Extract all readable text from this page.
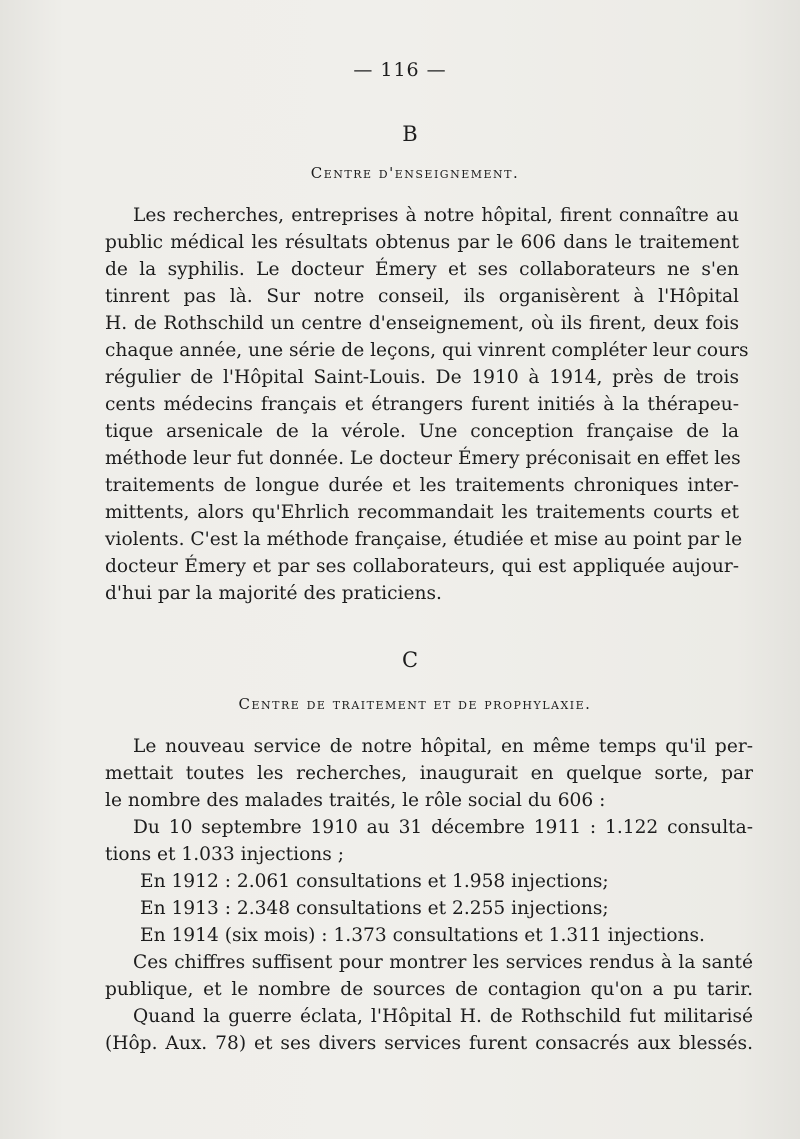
— 116 —
B
Centre d'enseignement.
Les recherches, entreprises à notre hôpital, firent connaître au
public médical les résultats obtenus par le 606 dans le traitement
de la syphilis. Le docteur Émery et ses collaborateurs ne s'en
tinrent pas là. Sur notre conseil, ils organisèrent à l'Hôpital
H. de Rothschild un centre d'enseignement, où ils firent, deux fois
chaque année, une série de leçons, qui vinrent compléter leur cours
régulier de l'Hôpital Saint-Louis. De 1910 à 1914, près de trois
cents médecins français et étrangers furent initiés à la thérapeu-
tique arsenicale de la vérole. Une conception française de la
méthode leur fut donnée. Le docteur Émery préconisait en effet les
traitements de longue durée et les traitements chroniques inter-
mittents, alors qu'Ehrlich recommandait les traitements courts et
violents. C'est la méthode française, étudiée et mise au point par le
docteur Émery et par ses collaborateurs, qui est appliquée aujour-
d'hui par la majorité des praticiens.
C
Centre de traitement et de prophylaxie.
Le nouveau service de notre hôpital, en même temps qu'il per-
mettait toutes les recherches, inaugurait en quelque sorte, par
le nombre des malades traités, le rôle social du 606 :
Du 10 septembre 1910 au 31 décembre 1911 : 1.122 consulta-
tions et 1.033 injections ;
En 1912 : 2.061 consultations et 1.958 injections;
En 1913 : 2.348 consultations et 2.255 injections;
En 1914 (six mois) : 1.373 consultations et 1.311 injections.
Ces chiffres suffisent pour montrer les services rendus à la santé
publique, et le nombre de sources de contagion qu'on a pu tarir.
Quand la guerre éclata, l'Hôpital H. de Rothschild fut militarisé
(Hôp. Aux. 78) et ses divers services furent consacrés aux blessés.
